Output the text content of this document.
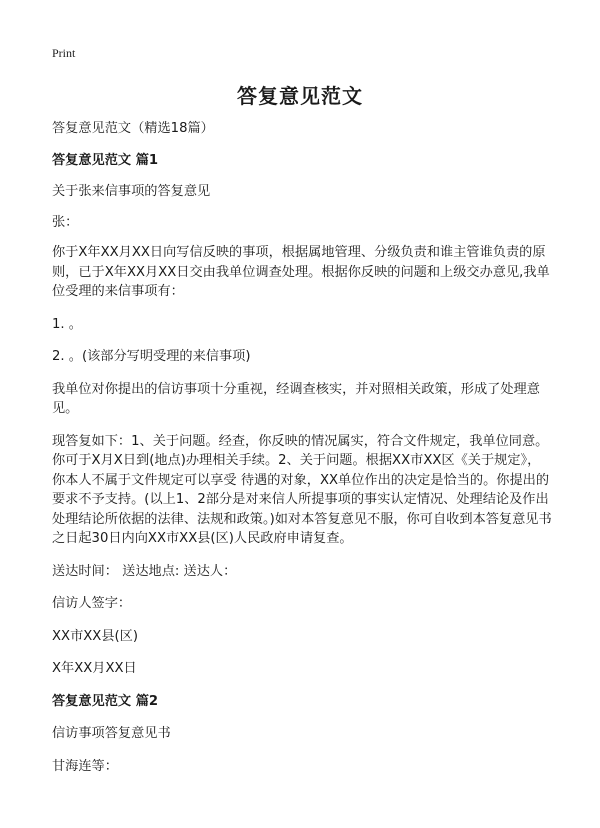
Print
答复意见范文

答复意见范文（精选18篇）

答复意见范文 篇1

关于张来信事项的答复意见

张：

你于X年XX月XX日向写信反映的事项，根据属地管理、分级负责和谁主管谁负责的原则，已于X年XX月XX日交由我单位调查处理。根据你反映的问题和上级交办意见,我单位受理的来信事项有：

1. 。

2. 。(该部分写明受理的来信事项)

我单位对你提出的信访事项十分重视，经调查核实，并对照相关政策，形成了处理意见。

现答复如下：1、关于问题。经查，你反映的情况属实，符合文件规定，我单位同意。你可于X月X日到(地点)办理相关手续。2、关于问题。根据XX市XX区《关于规定》，你本人不属于文件规定可以享受 待遇的对象，XX单位作出的决定是恰当的。你提出的要求不予支持。(以上1、2部分是对来信人所提事项的事实认定情况、处理结论及作出处理结论所依据的法律、法规和政策。)如对本答复意见不服，你可自收到本答复意见书之日起30日内向XX市XX县(区)人民政府申请复查。

送达时间： 送达地点: 送达人：

信访人签字：

XX市XX县(区)

X年XX月XX日

答复意见范文 篇2

信访事项答复意见书

甘海连等：
